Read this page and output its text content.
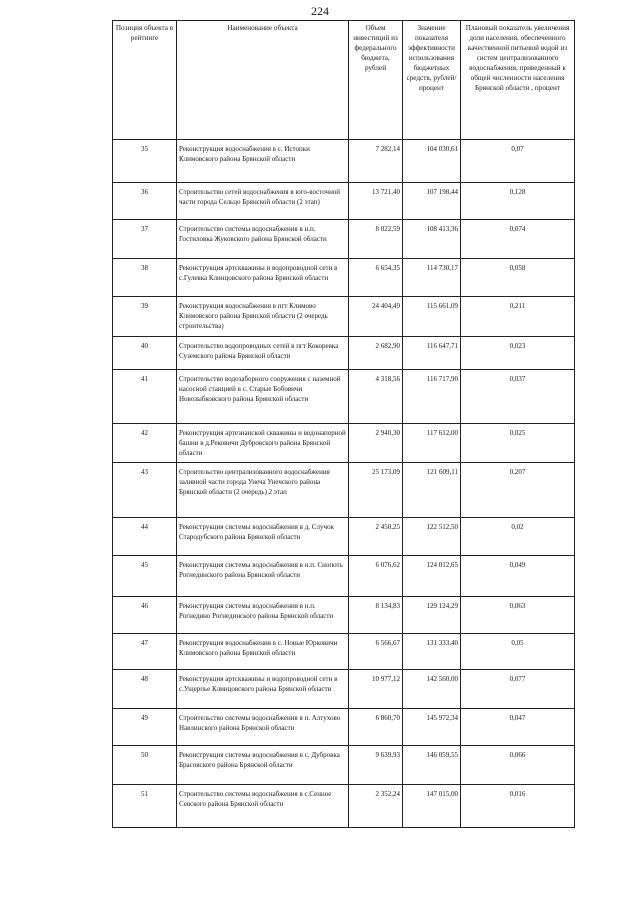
224
Позиция объекта в рейтинге	Наименование объекта	Объем инвестиций из федерального бюджета, рублей	Значение показателя эффективности использования бюджетных средств, рублей/процент	Плановый показатель увеличения доли населения, обеспеченного качественной питьевой водой из систем централизованного водоснабжения, приведенный к общей численности населения Брянской области , процент
35	Реконструкция водоснабжения в с. Истопки Климовского района Брянской области	7 282,14	104 030,61	0,07
36	Строительство сетей водоснабжения в юго-восточной части города Сельцо Брянской области (2 этап)	13 721,40	107 198,44	0,128
37	Строительство системы водоснабжения в н.п. Гостиловка Жуковского района Брянской области	8 022,59	108 413,36	0,074
38	Реконструкция артскважины и водопроводной сети в с.Гулевка Клинцовского района Брянской области	6 654,35	114 730,17	0,058
39	Реконструкция водоснабжения в пгт Климово Климовского района Брянской области (2 очередь строительства)	24 404,49	115 661,09	0,211
40	Строительство водопроводных сетей в пгт Кокоревка Суземского района Брянской области	2 682,90	116 647,71	0,023
41	Строительство водозаборного сооружения с наземной насосной станцией в с. Старые Бобовичи Новозыбковского района Брянской области	4 318,56	116 717,90	0,037
42	Реконструкция артезианской скважины и водонапорной башни в д.Рековичи Дубровского района Брянской области	2 940,30	117 612,00	0,025
43	Строительство централизованного водоснабжения заливной части города Унеча Унечского района Брянской области (2 очередь) 2 этап	25 173,09	121 609,11	0,207
44	Реконструкция системы водоснабжения в д. Случок Стародубского района Брянской области	2 450,25	122 512,50	0,02
45	Реконструкция системы водоснабжения в н.п. Снопоть Рогнединского района Брянской области	6 076,62	124 012,65	0,049
46	Реконструкция системы водоснабжения в н.п. Рогнедино Рогнединского района Брянской области	8 134,83	129 124,29	0,063
47	Реконструкция водоснабжения в с. Новые Юрковичи Климовского района Брянской области	6 566,67	131 333,40	0,05
48	Реконструкция артскважины и водопроводной сети в с.Ущерпье Клинцовского района Брянской области	10 977,12	142 560,00	0,077
49	Строительство системы водоснабжения в п. Алтухово Навлинского района Брянской области	6 860,70	145 972,34	0,047
50	Реконструкция системы водоснабжения в с. Дубровка Брасовского района Брянской области	9 639,93	146 059,55	0,066
51	Строительство системы водоснабжения в с.Сенное Севского района Брянской области	2 352,24	147 015,00	0,016
